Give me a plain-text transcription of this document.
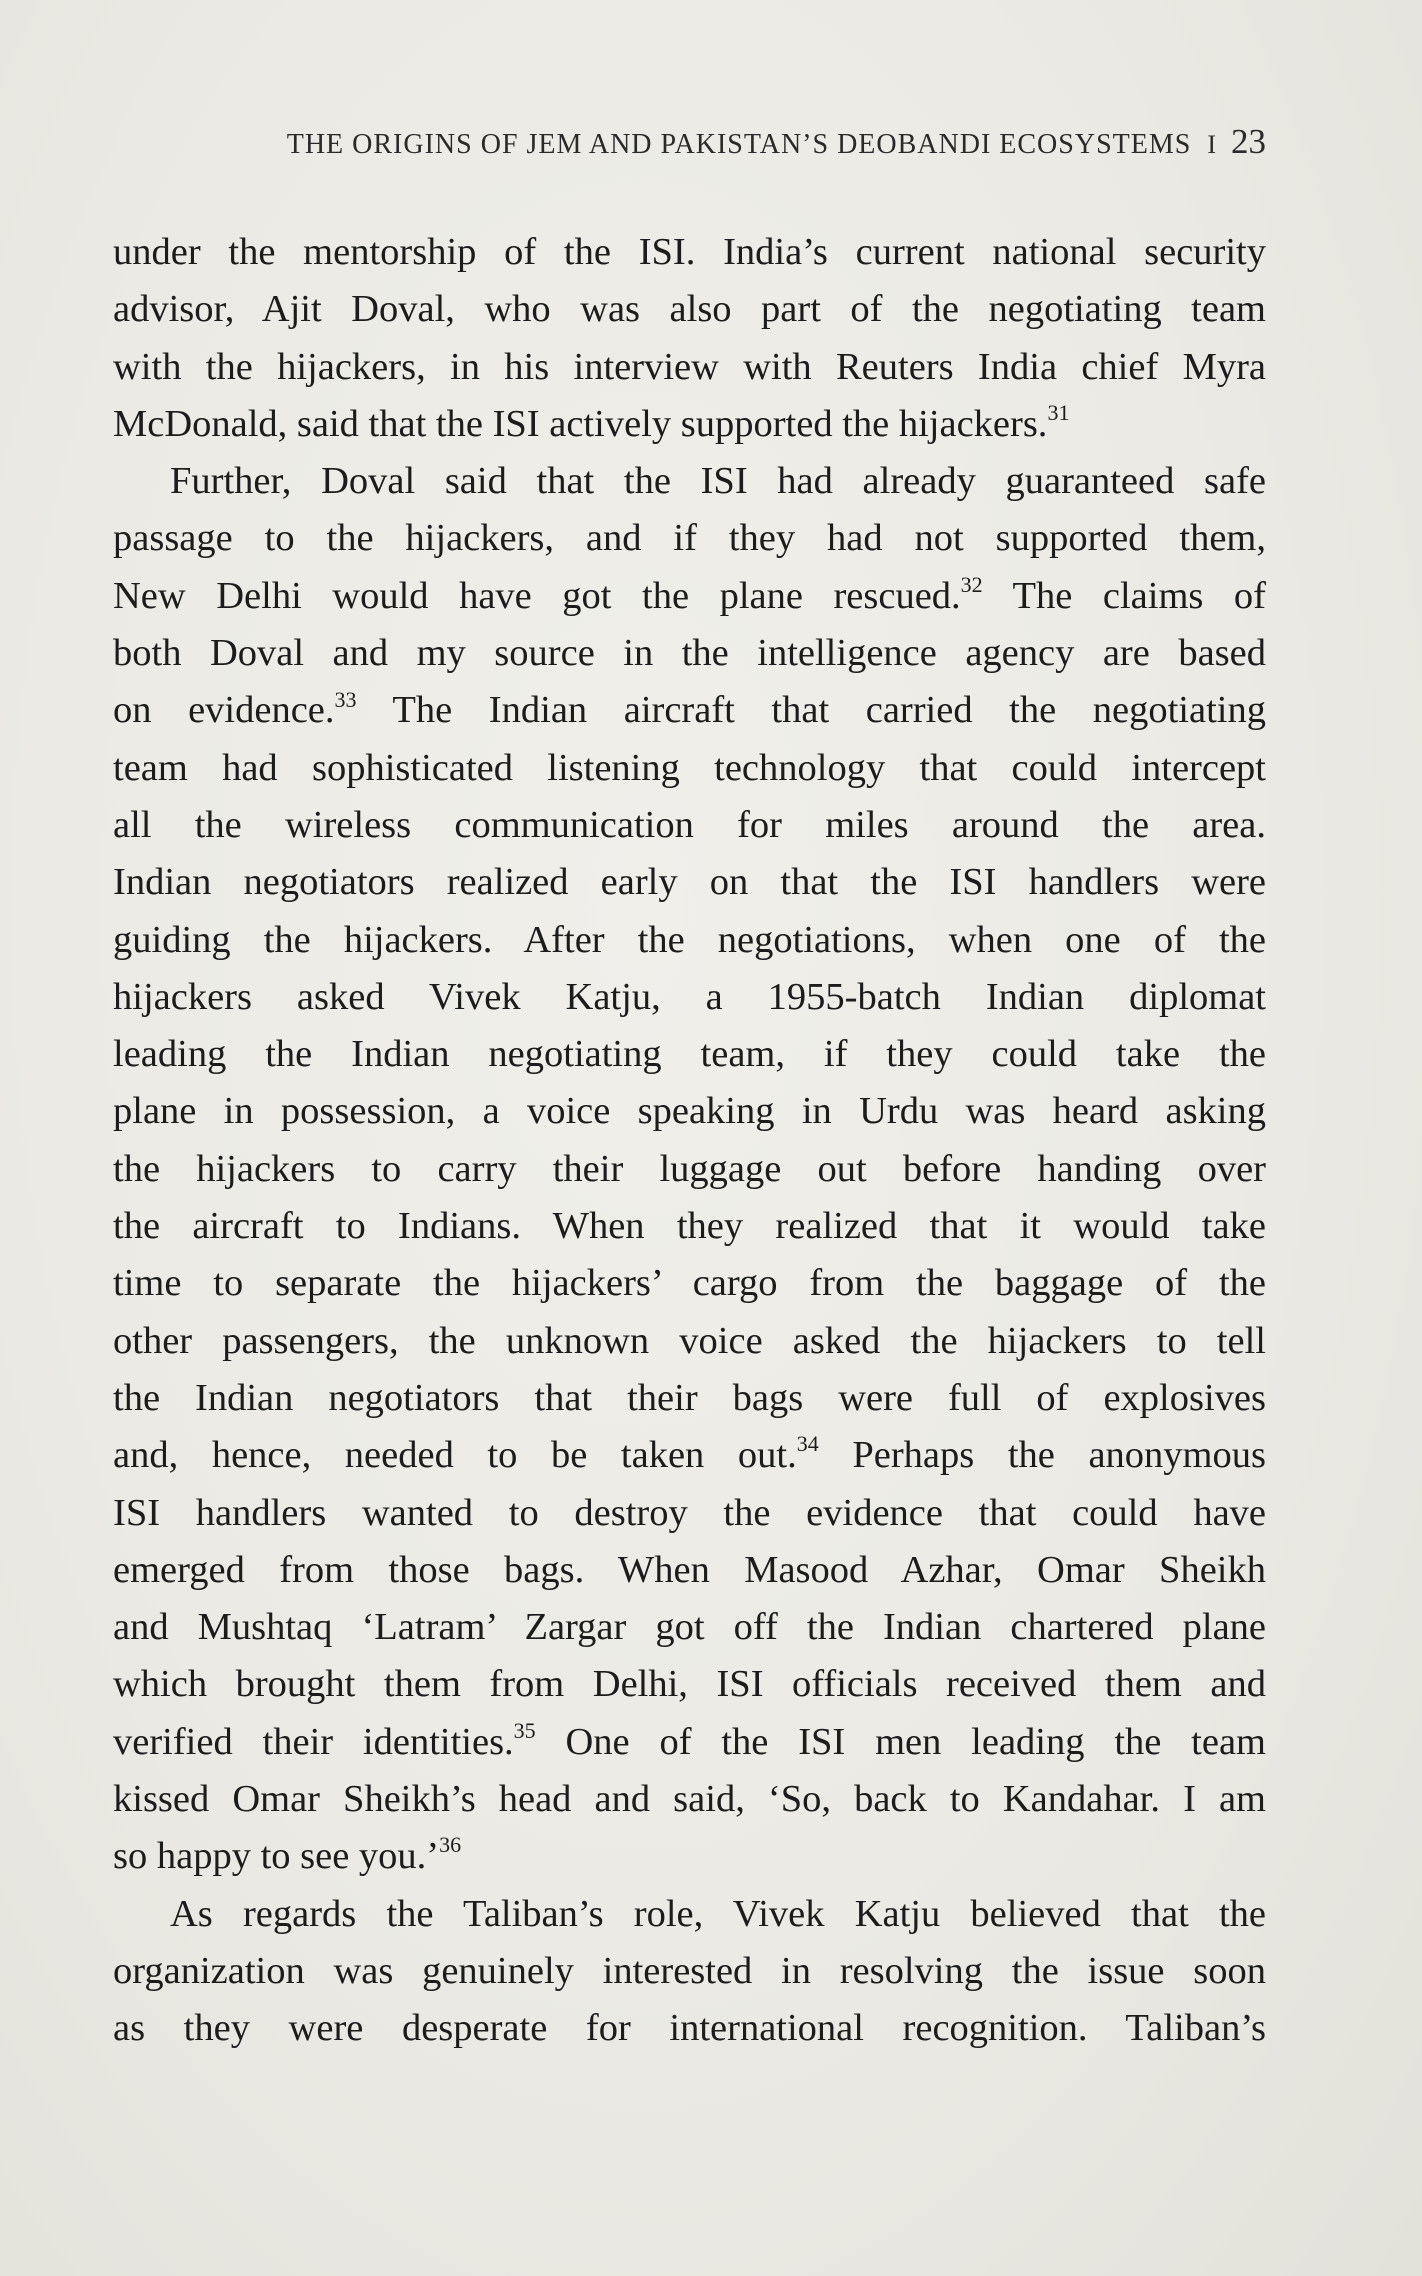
THE ORIGINS OF JEM AND PAKISTAN’S DEOBANDI ECOSYSTEMS I 23
under the mentorship of the ISI. India’s current national security
advisor, Ajit Doval, who was also part of the negotiating team
with the hijackers, in his interview with Reuters India chief Myra
McDonald, said that the ISI actively supported the hijackers.$^{31}$
Further, Doval said that the ISI had already guaranteed safe
passage to the hijackers, and if they had not supported them,
New Delhi would have got the plane rescued.$^{32}$ The claims of
both Doval and my source in the intelligence agency are based
on evidence.$^{33}$ The Indian aircraft that carried the negotiating
team had sophisticated listening technology that could intercept
all the wireless communication for miles around the area.
Indian negotiators realized early on that the ISI handlers were
guiding the hijackers. After the negotiations, when one of the
hijackers asked Vivek Katju, a 1955-batch Indian diplomat
leading the Indian negotiating team, if they could take the
plane in possession, a voice speaking in Urdu was heard asking
the hijackers to carry their luggage out before handing over
the aircraft to Indians. When they realized that it would take
time to separate the hijackers’ cargo from the baggage of the
other passengers, the unknown voice asked the hijackers to tell
the Indian negotiators that their bags were full of explosives
and, hence, needed to be taken out.$^{34}$ Perhaps the anonymous
ISI handlers wanted to destroy the evidence that could have
emerged from those bags. When Masood Azhar, Omar Sheikh
and Mushtaq ‘Latram’ Zargar got off the Indian chartered plane
which brought them from Delhi, ISI officials received them and
verified their identities.$^{35}$ One of the ISI men leading the team
kissed Omar Sheikh’s head and said, ‘So, back to Kandahar. I am
so happy to see you.’$^{36}$
As regards the Taliban’s role, Vivek Katju believed that the
organization was genuinely interested in resolving the issue soon
as they were desperate for international recognition. Taliban’s
